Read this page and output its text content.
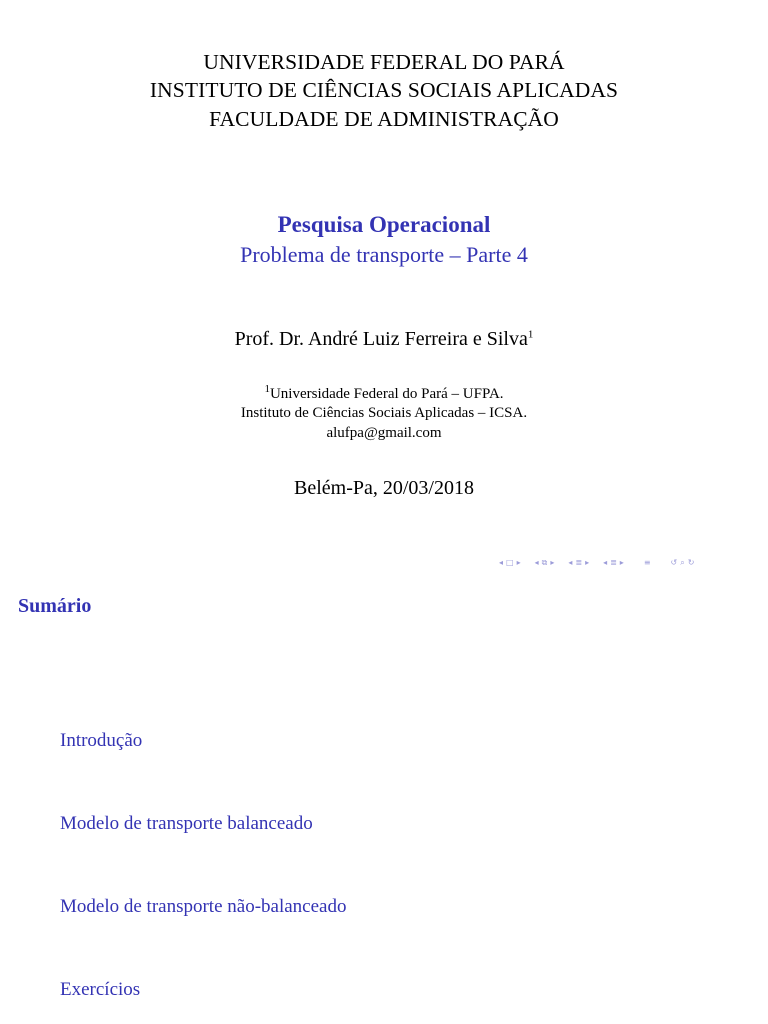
UNIVERSIDADE FEDERAL DO PARÁ
INSTITUTO DE CIÊNCIAS SOCIAIS APLICADAS
FACULDADE DE ADMINISTRAÇÃO
Pesquisa Operacional
Problema de transporte – Parte 4
Prof. Dr. André Luiz Ferreira e Silva$^1$
$^1$Universidade Federal do Pará – UFPA.
Instituto de Ciências Sociais Aplicadas – ICSA.
alufpa@gmail.com
Belém-Pa, 20/03/2018
◂ □ ▸ ◂ ⧉ ▸ ◂ ≣ ▸ ◂ ≣ ▸	≡	↺ ⌕ ↻
Sumário
Introdução
Modelo de transporte balanceado
Modelo de transporte não-balanceado
Exercícios
